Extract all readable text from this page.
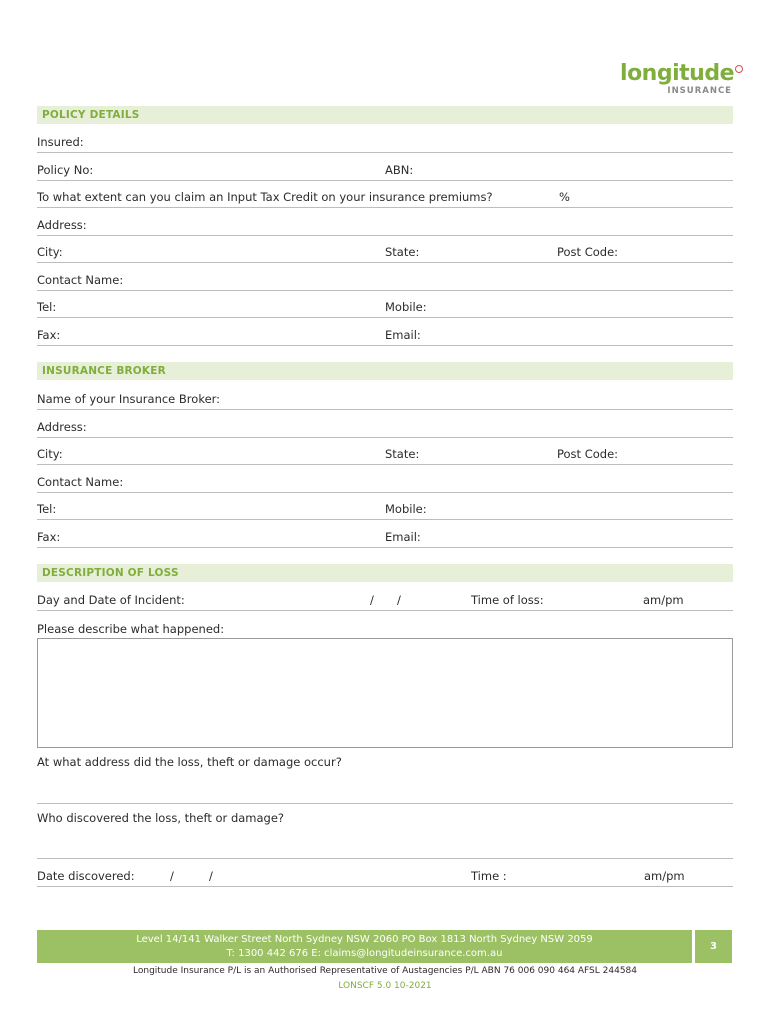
longitude
INSURANCE
POLICY DETAILS
Insured:
Policy No:	ABN:
To what extent can you claim an Input Tax Credit on your insurance premiums?	%
Address:
City:	State:	Post Code:
Contact Name:
Tel:	Mobile:
Fax:	Email:
INSURANCE BROKER
Name of your Insurance Broker:
Address:
City:	State:	Post Code:
Contact Name:
Tel:	Mobile:
Fax:	Email:
DESCRIPTION OF LOSS
Day and Date of Incident:	/ /	Time of loss:	am/pm
Please describe what happened:
At what address did the loss, theft or damage occur?
Who discovered the loss, theft or damage?
Date discovered:	/	/	Time :	am/pm
Level 14/141 Walker Street North Sydney NSW 2060 PO Box 1813 North Sydney NSW 2059
T: 1300 442 676 E: claims@longitudeinsurance.com.au
3
Longitude Insurance P/L is an Authorised Representative of Austagencies P/L ABN 76 006 090 464 AFSL 244584
LONSCF 5.0 10-2021
